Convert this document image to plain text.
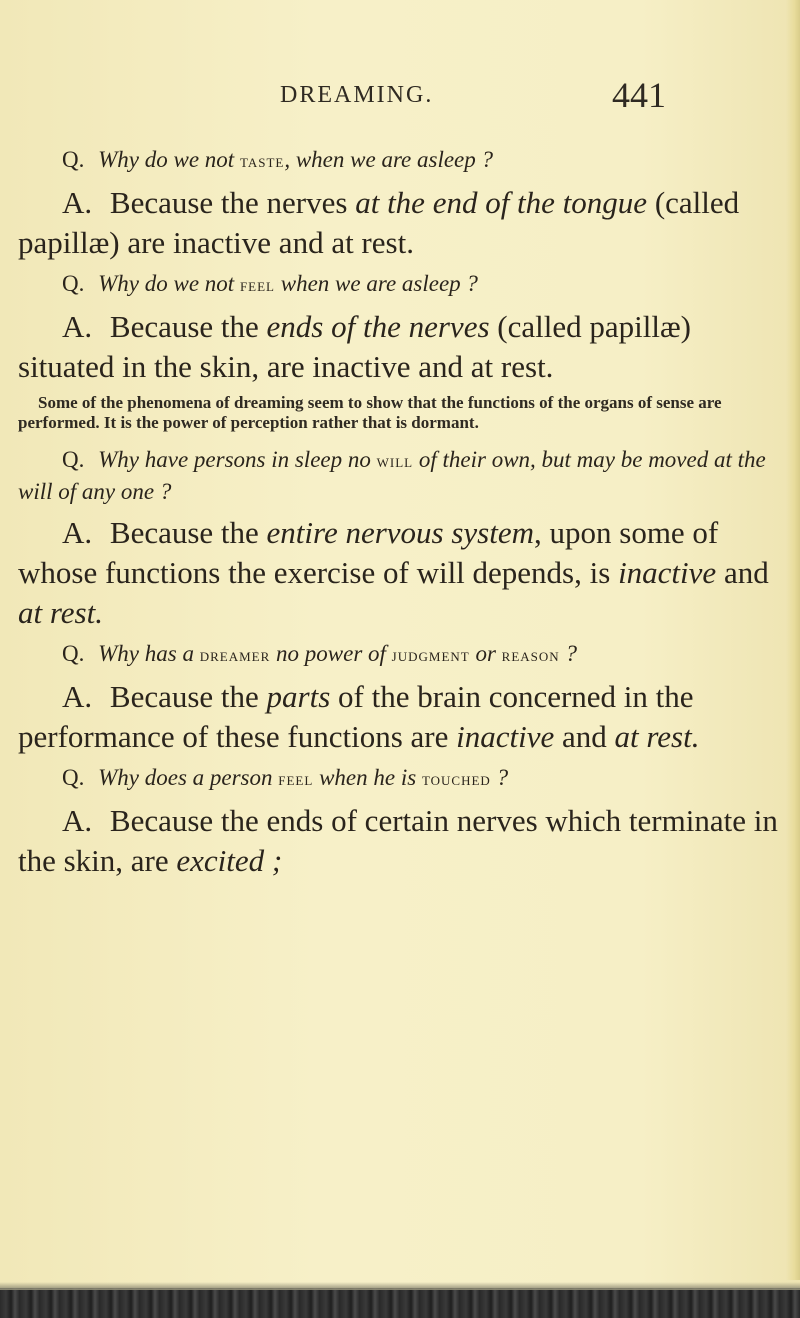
DREAMING.	441

Q. Why do we not taste, when we are asleep ?

A. Because the nerves at the end of the tongue (called papillæ) are inactive and at rest.

Q. Why do we not feel when we are asleep ?

A. Because the ends of the nerves (called papillæ) situated in the skin, are inactive and at rest.

Some of the phenomena of dreaming seem to show that the functions of the organs of sense are performed. It is the power of perception rather that is dormant.

Q. Why have persons in sleep no will of their own, but may be moved at the will of any one ?

A. Because the entire nervous system, upon some of whose functions the exercise of will depends, is inactive and at rest.

Q. Why has a dreamer no power of judgment or reason ?

A. Because the parts of the brain concerned in the performance of these functions are inactive and at rest.

Q. Why does a person feel when he is touched ?

A. Because the ends of certain nerves which terminate in the skin, are excited ;
